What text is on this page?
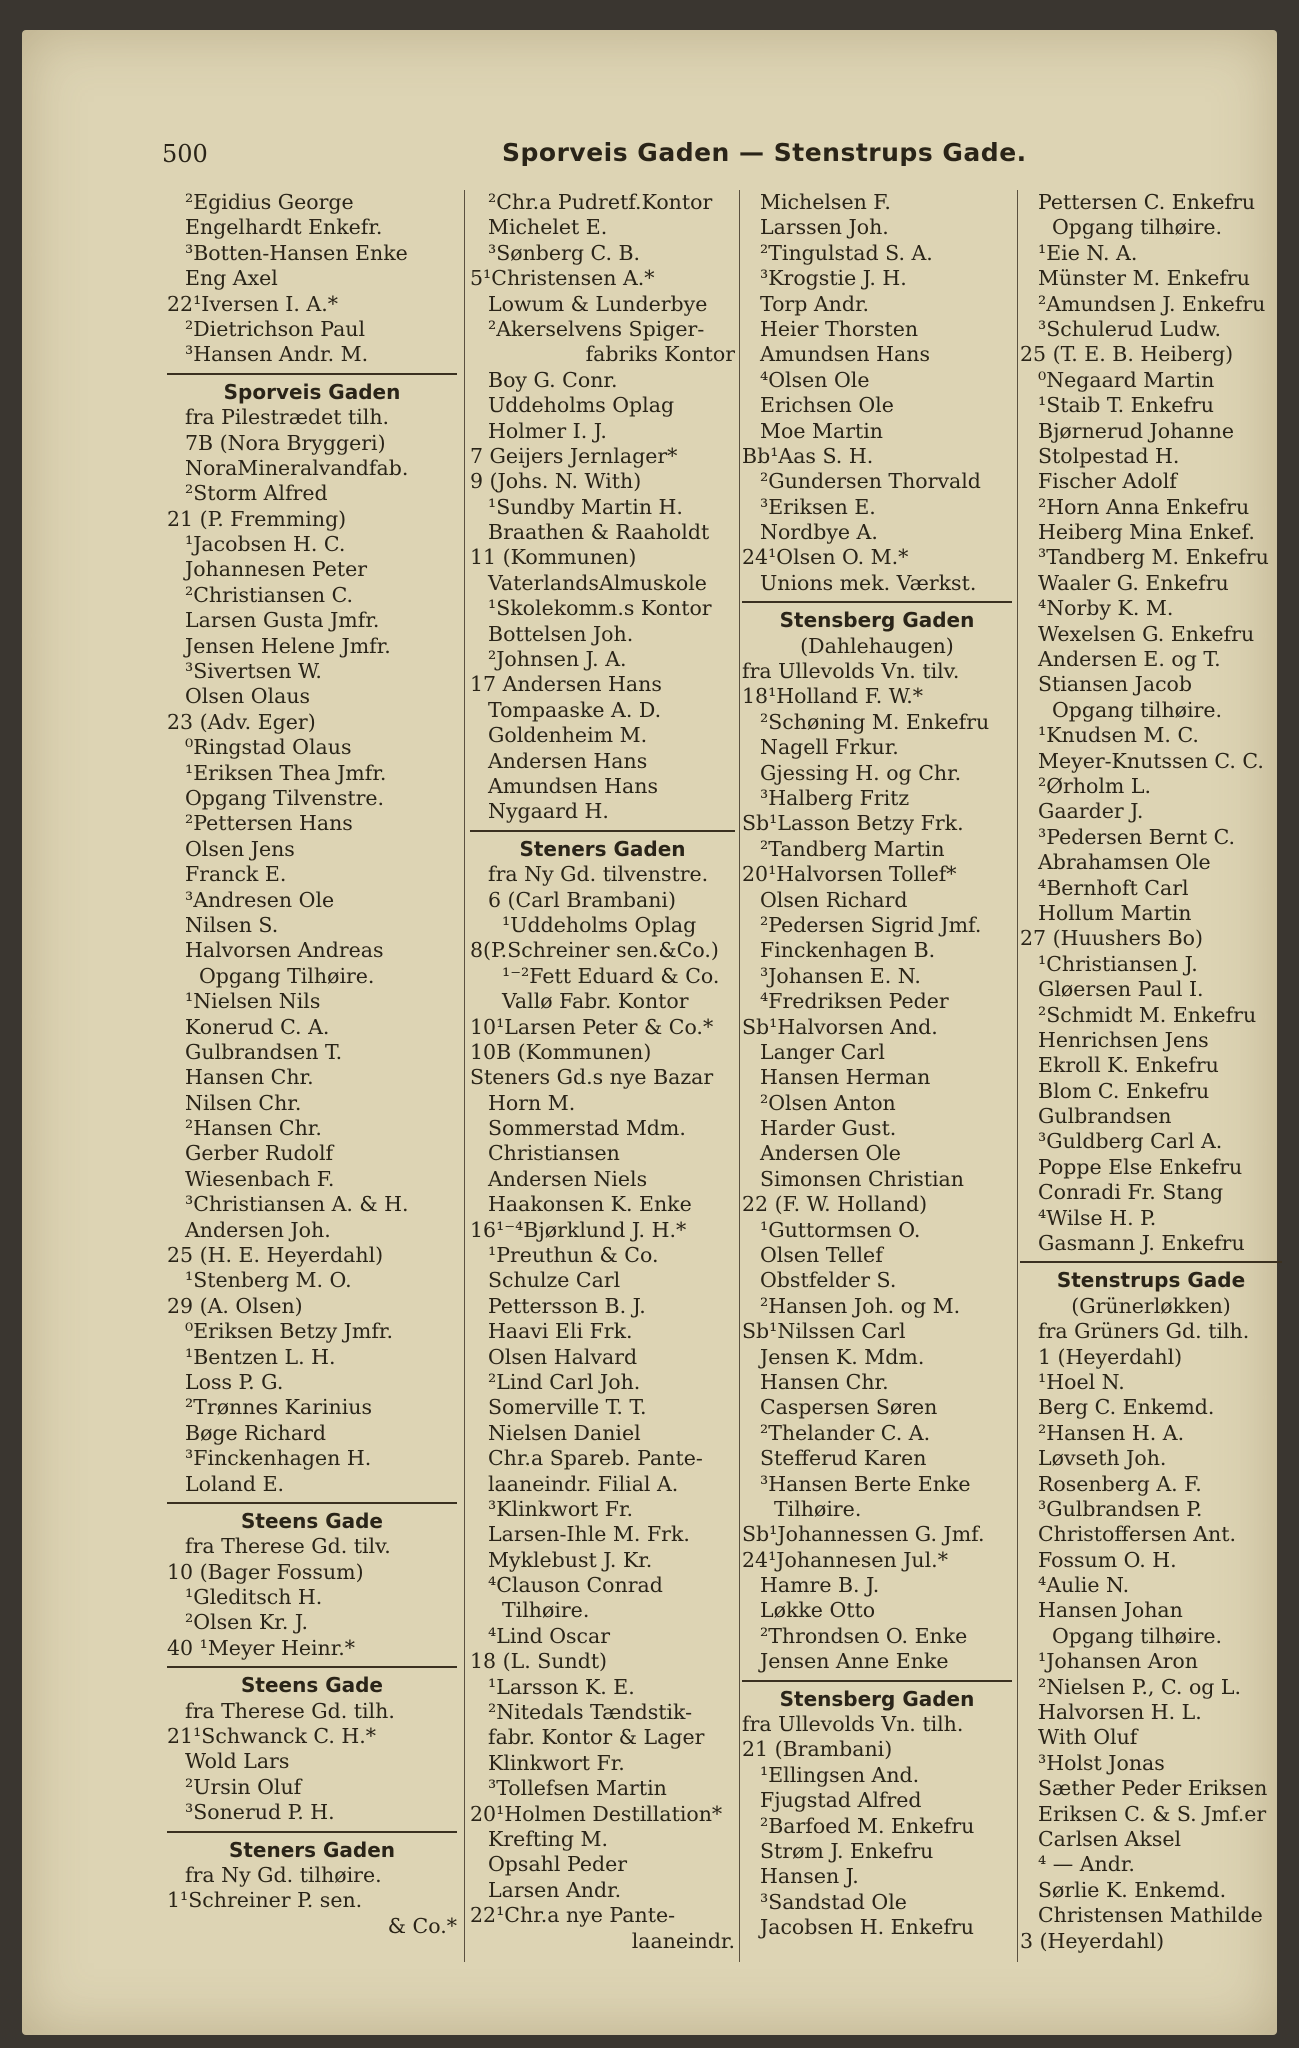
500	Sporveis Gaden — Stenstrups Gade.
²Egidius George
Engelhardt Enkefr.
³Botten-Hansen Enke
Eng Axel
22¹Iversen I. A.*
²Dietrichson Paul
³Hansen Andr. M.
Sporveis Gaden
fra Pilestrædet tilh.
7B (Nora Bryggeri)
NoraMineralvandfab.
²Storm Alfred
21 (P. Fremming)
¹Jacobsen H. C.
Johannesen Peter
²Christiansen C.
Larsen Gusta Jmfr.
Jensen Helene Jmfr.
³Sivertsen W.
Olsen Olaus
23 (Adv. Eger)
⁰Ringstad Olaus
¹Eriksen Thea Jmfr.
Opgang Tilvenstre.
²Pettersen Hans
Olsen Jens
Franck E.
³Andresen Ole
Nilsen S.
Halvorsen Andreas
Opgang Tilhøire.
¹Nielsen Nils
Konerud C. A.
Gulbrandsen T.
Hansen Chr.
Nilsen Chr.
²Hansen Chr.
Gerber Rudolf
Wiesenbach F.
³Christiansen A. & H.
Andersen Joh.
25 (H. E. Heyerdahl)
¹Stenberg M. O.
29 (A. Olsen)
⁰Eriksen Betzy Jmfr.
¹Bentzen L. H.
Loss P. G.
²Trønnes Karinius
Bøge Richard
³Finckenhagen H.
Loland E.
Steens Gade
fra Therese Gd. tilv.
10 (Bager Fossum)
¹Gleditsch H.
²Olsen Kr. J.
40 ¹Meyer Heinr.*
Steens Gade
fra Therese Gd. tilh.
21¹Schwanck C. H.*
Wold Lars
²Ursin Oluf
³Sonerud P. H.
Steners Gaden
fra Ny Gd. tilhøire.
1¹Schreiner P. sen.
& Co.*
²Chr.a Pudretf.Kontor
Michelet E.
³Sønberg C. B.
5¹Christensen A.*
Lowum & Lunderbye
²Akerselvens Spiger-
fabriks Kontor
Boy G. Conr.
Uddeholms Oplag
Holmer I. J.
7 Geijers Jernlager*
9 (Johs. N. With)
¹Sundby Martin H.
Braathen & Raaholdt
11 (Kommunen)
VaterlandsAlmuskole
¹Skolekomm.s Kontor
Bottelsen Joh.
²Johnsen J. A.
17 Andersen Hans
Tompaaske A. D.
Goldenheim M.
Andersen Hans
Amundsen Hans
Nygaard H.
Steners Gaden
fra Ny Gd. tilvenstre.
6 (Carl Brambani)
¹Uddeholms Oplag
8(P.Schreiner sen.&Co.)
¹⁻²Fett Eduard & Co.
Vallø Fabr. Kontor
10¹Larsen Peter & Co.*
10B (Kommunen)
Steners Gd.s nye Bazar
Horn M.
Sommerstad Mdm.
Christiansen
Andersen Niels
Haakonsen K. Enke
16¹⁻⁴Bjørklund J. H.*
¹Preuthun & Co.
Schulze Carl
Pettersson B. J.
Haavi Eli Frk.
Olsen Halvard
²Lind Carl Joh.
Somerville T. T.
Nielsen Daniel
Chr.a Spareb. Pante-
laaneindr. Filial A.
³Klinkwort Fr.
Larsen-Ihle M. Frk.
Myklebust J. Kr.
⁴Clauson Conrad
Tilhøire.
⁴Lind Oscar
18 (L. Sundt)
¹Larsson K. E.
²Nitedals Tændstik-
fabr. Kontor & Lager
Klinkwort Fr.
³Tollefsen Martin
20¹Holmen Destillation*
Krefting M.
Opsahl Peder
Larsen Andr.
22¹Chr.a nye Pante-
laaneindr.
Michelsen F.
Larssen Joh.
²Tingulstad S. A.
³Krogstie J. H.
Torp Andr.
Heier Thorsten
Amundsen Hans
⁴Olsen Ole
Erichsen Ole
Moe Martin
Bb¹Aas S. H.
²Gundersen Thorvald
³Eriksen E.
Nordbye A.
24¹Olsen O. M.*
Unions mek. Værkst.
Stensberg Gaden
(Dahlehaugen)
fra Ullevolds Vn. tilv.
18¹Holland F. W.*
²Schøning M. Enkefru
Nagell Frkur.
Gjessing H. og Chr.
³Halberg Fritz
Sb¹Lasson Betzy Frk.
²Tandberg Martin
20¹Halvorsen Tollef*
Olsen Richard
²Pedersen Sigrid Jmf.
Finckenhagen B.
³Johansen E. N.
⁴Fredriksen Peder
Sb¹Halvorsen And.
Langer Carl
Hansen Herman
²Olsen Anton
Harder Gust.
Andersen Ole
Simonsen Christian
22 (F. W. Holland)
¹Guttormsen O.
Olsen Tellef
Obstfelder S.
²Hansen Joh. og M.
Sb¹Nilssen Carl
Jensen K. Mdm.
Hansen Chr.
Caspersen Søren
²Thelander C. A.
Stefferud Karen
³Hansen Berte Enke
Tilhøire.
Sb¹Johannessen G. Jmf.
24¹Johannesen Jul.*
Hamre B. J.
Løkke Otto
²Throndsen O. Enke
Jensen Anne Enke
Stensberg Gaden
fra Ullevolds Vn. tilh.
21 (Brambani)
¹Ellingsen And.
Fjugstad Alfred
²Barfoed M. Enkefru
Strøm J. Enkefru
Hansen J.
³Sandstad Ole
Jacobsen H. Enkefru
Pettersen C. Enkefru
Opgang tilhøire.
¹Eie N. A.
Münster M. Enkefru
²Amundsen J. Enkefru
³Schulerud Ludw.
25 (T. E. B. Heiberg)
⁰Negaard Martin
¹Staib T. Enkefru
Bjørnerud Johanne
Stolpestad H.
Fischer Adolf
²Horn Anna Enkefru
Heiberg Mina Enkef.
³Tandberg M. Enkefru
Waaler G. Enkefru
⁴Norby K. M.
Wexelsen G. Enkefru
Andersen E. og T.
Stiansen Jacob
Opgang tilhøire.
¹Knudsen M. C.
Meyer-Knutssen C. C.
²Ørholm L.
Gaarder J.
³Pedersen Bernt C.
Abrahamsen Ole
⁴Bernhoft Carl
Hollum Martin
27 (Huushers Bo)
¹Christiansen J.
Gløersen Paul I.
²Schmidt M. Enkefru
Henrichsen Jens
Ekroll K. Enkefru
Blom C. Enkefru
Gulbrandsen
³Guldberg Carl A.
Poppe Else Enkefru
Conradi Fr. Stang
⁴Wilse H. P.
Gasmann J. Enkefru
Stenstrups Gade
(Grünerløkken)
fra Grüners Gd. tilh.
1 (Heyerdahl)
¹Hoel N.
Berg C. Enkemd.
²Hansen H. A.
Løvseth Joh.
Rosenberg A. F.
³Gulbrandsen P.
Christoffersen Ant.
Fossum O. H.
⁴Aulie N.
Hansen Johan
Opgang tilhøire.
¹Johansen Aron
²Nielsen P., C. og L.
Halvorsen H. L.
With Oluf
³Holst Jonas
Sæther Peder Eriksen
Eriksen C. & S. Jmf.er
Carlsen Aksel
⁴ — Andr.
Sørlie K. Enkemd.
Christensen Mathilde
3 (Heyerdahl)
